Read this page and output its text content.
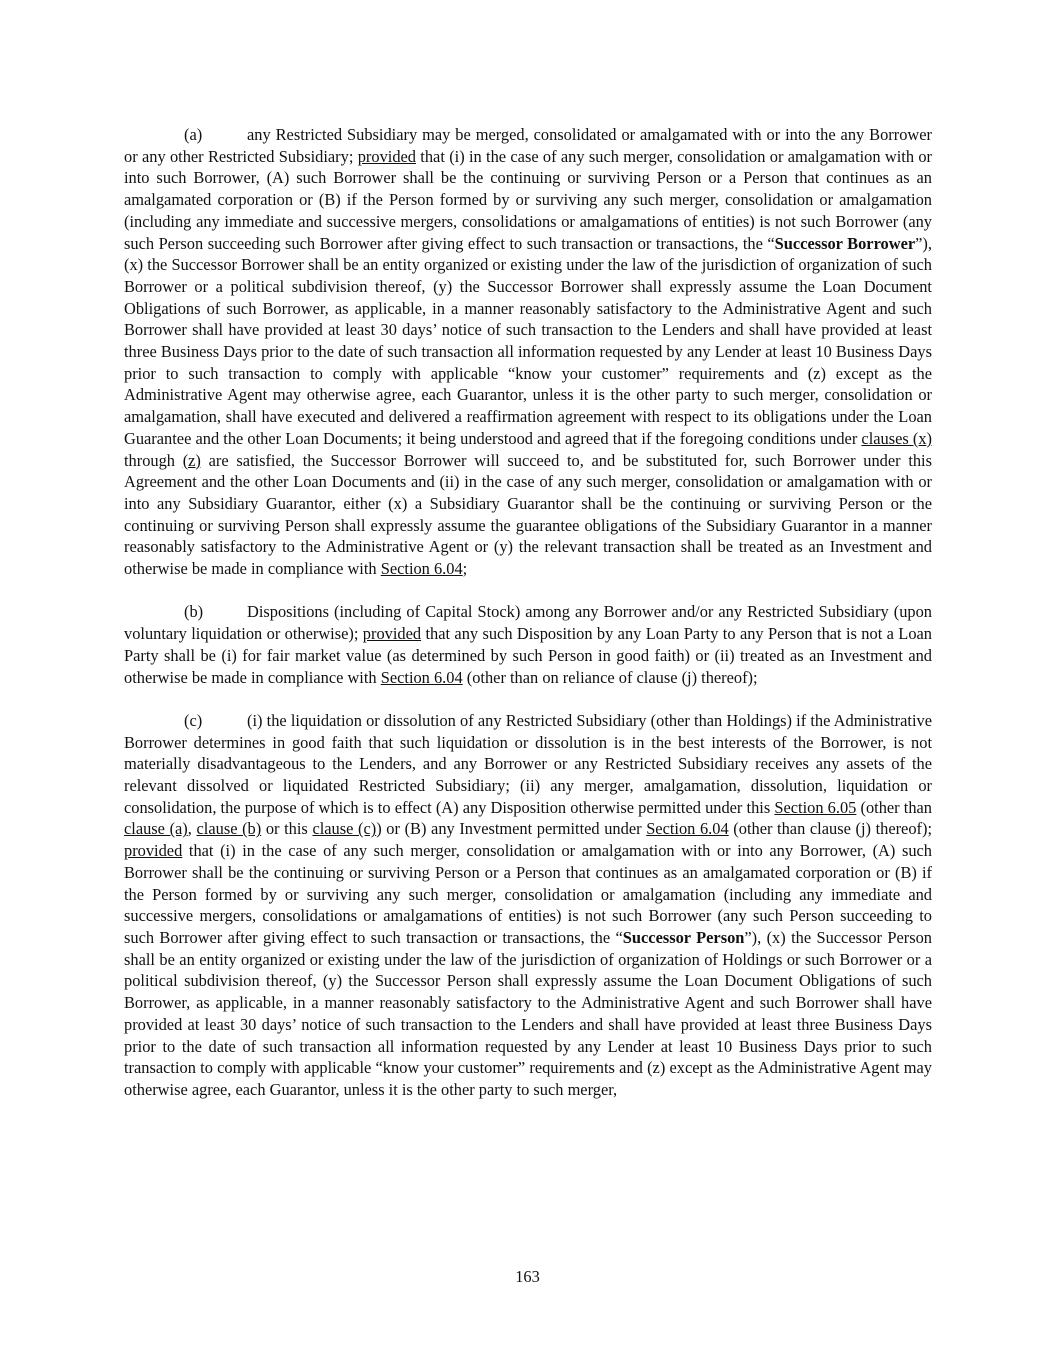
(a)	any Restricted Subsidiary may be merged, consolidated or amalgamated with or into the any Borrower or any other Restricted Subsidiary; provided that (i) in the case of any such merger, consolidation or amalgamation with or into such Borrower, (A) such Borrower shall be the continuing or surviving Person or a Person that continues as an amalgamated corporation or (B) if the Person formed by or surviving any such merger, consolidation or amalgamation (including any immediate and successive mergers, consolidations or amalgamations of entities) is not such Borrower (any such Person succeeding such Borrower after giving effect to such transaction or transactions, the “Successor Borrower”), (x) the Successor Borrower shall be an entity organized or existing under the law of the jurisdiction of organization of such Borrower or a political subdivision thereof, (y) the Successor Borrower shall expressly assume the Loan Document Obligations of such Borrower, as applicable, in a manner reasonably satisfactory to the Administrative Agent and such Borrower shall have provided at least 30 days’ notice of such transaction to the Lenders and shall have provided at least three Business Days prior to the date of such transaction all information requested by any Lender at least 10 Business Days prior to such transaction to comply with applicable “know your customer” requirements and (z) except as the Administrative Agent may otherwise agree, each Guarantor, unless it is the other party to such merger, consolidation or amalgamation, shall have executed and delivered a reaffirmation agreement with respect to its obligations under the Loan Guarantee and the other Loan Documents; it being understood and agreed that if the foregoing conditions under clauses (x) through (z) are satisfied, the Successor Borrower will succeed to, and be substituted for, such Borrower under this Agreement and the other Loan Documents and (ii) in the case of any such merger, consolidation or amalgamation with or into any Subsidiary Guarantor, either (x) a Subsidiary Guarantor shall be the continuing or surviving Person or the continuing or surviving Person shall expressly assume the guarantee obligations of the Subsidiary Guarantor in a manner reasonably satisfactory to the Administrative Agent or (y) the relevant transaction shall be treated as an Investment and otherwise be made in compliance with Section 6.04;

(b)	Dispositions (including of Capital Stock) among any Borrower and/or any Restricted Subsidiary (upon voluntary liquidation or otherwise); provided that any such Disposition by any Loan Party to any Person that is not a Loan Party shall be (i) for fair market value (as determined by such Person in good faith) or (ii) treated as an Investment and otherwise be made in compliance with Section 6.04 (other than on reliance of clause (j) thereof);

(c)	(i) the liquidation or dissolution of any Restricted Subsidiary (other than Holdings) if the Administrative Borrower determines in good faith that such liquidation or dissolution is in the best interests of the Borrower, is not materially disadvantageous to the Lenders, and any Borrower or any Restricted Subsidiary receives any assets of the relevant dissolved or liquidated Restricted Subsidiary; (ii) any merger, amalgamation, dissolution, liquidation or consolidation, the purpose of which is to effect (A) any Disposition otherwise permitted under this Section 6.05 (other than clause (a), clause (b) or this clause (c)) or (B) any Investment permitted under Section 6.04 (other than clause (j) thereof); provided that (i) in the case of any such merger, consolidation or amalgamation with or into any Borrower, (A) such Borrower shall be the continuing or surviving Person or a Person that continues as an amalgamated corporation or (B) if the Person formed by or surviving any such merger, consolidation or amalgamation (including any immediate and successive mergers, consolidations or amalgamations of entities) is not such Borrower (any such Person succeeding to such Borrower after giving effect to such transaction or transactions, the “Successor Person”), (x) the Successor Person shall be an entity organized or existing under the law of the jurisdiction of organization of Holdings or such Borrower or a political subdivision thereof, (y) the Successor Person shall expressly assume the Loan Document Obligations of such Borrower, as applicable, in a manner reasonably satisfactory to the Administrative Agent and such Borrower shall have provided at least 30 days’ notice of such transaction to the Lenders and shall have provided at least three Business Days prior to the date of such transaction all information requested by any Lender at least 10 Business Days prior to such transaction to comply with applicable “know your customer” requirements and (z) except as the Administrative Agent may otherwise agree, each Guarantor, unless it is the other party to such merger,

163
